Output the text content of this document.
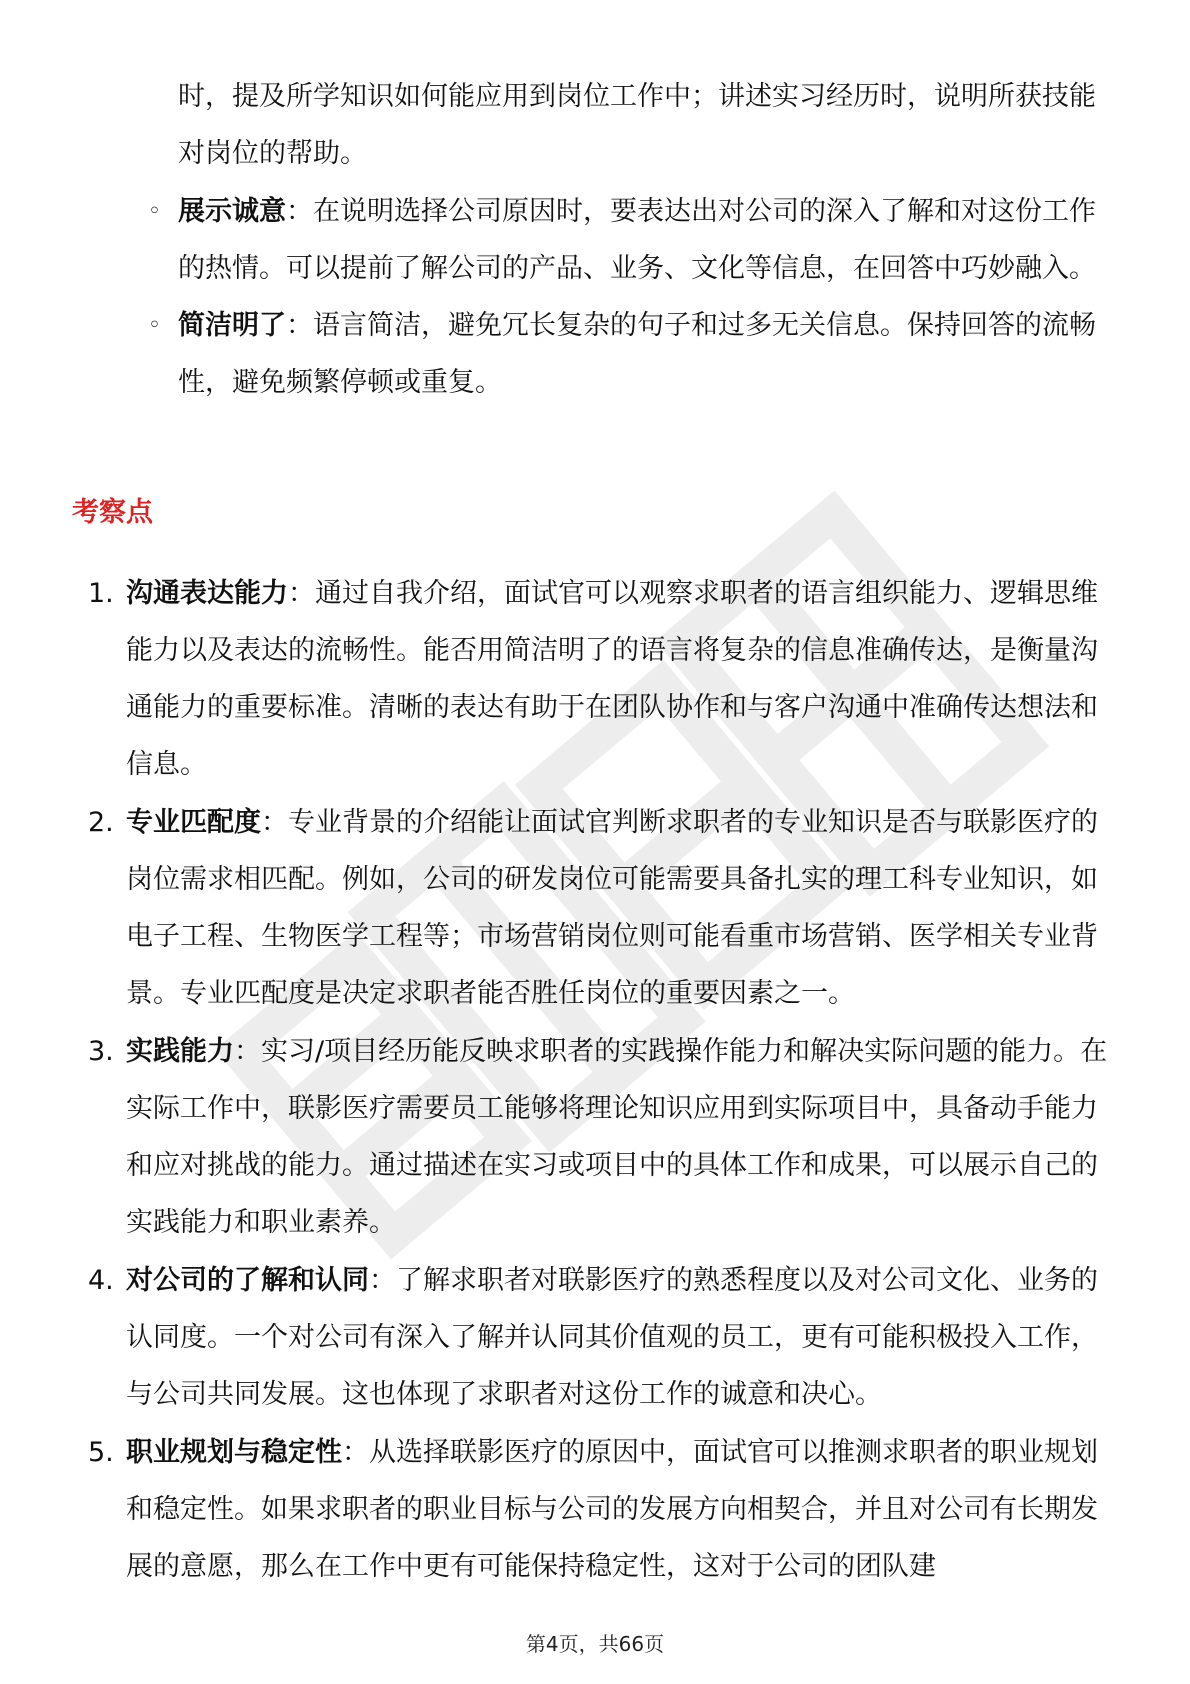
时，提及所学知识如何能应用到岗位工作中；讲述实习经历时，说明所获技能对岗位的帮助。

◦ 展示诚意：在说明选择公司原因时，要表达出对公司的深入了解和对这份工作的热情。可以提前了解公司的产品、业务、文化等信息，在回答中巧妙融入。
◦ 简洁明了：语言简洁，避免冗长复杂的句子和过多无关信息。保持回答的流畅性，避免频繁停顿或重复。
考察点
1. 沟通表达能力：通过自我介绍，面试官可以观察求职者的语言组织能力、逻辑思维能力以及表达的流畅性。能否用简洁明了的语言将复杂的信息准确传达，是衡量沟通能力的重要标准。清晰的表达有助于在团队协作和与客户沟通中准确传达想法和信息。
2. 专业匹配度：专业背景的介绍能让面试官判断求职者的专业知识是否与联影医疗的岗位需求相匹配。例如，公司的研发岗位可能需要具备扎实的理工科专业知识，如电子工程、生物医学工程等；市场营销岗位则可能看重市场营销、医学相关专业背景。专业匹配度是决定求职者能否胜任岗位的重要因素之一。
3. 实践能力：实习/项目经历能反映求职者的实践操作能力和解决实际问题的能力。在实际工作中，联影医疗需要员工能够将理论知识应用到实际项目中，具备动手能力和应对挑战的能力。通过描述在实习或项目中的具体工作和成果，可以展示自己的实践能力和职业素养。
4. 对公司的了解和认同：了解求职者对联影医疗的熟悉程度以及对公司文化、业务的认同度。一个对公司有深入了解并认同其价值观的员工，更有可能积极投入工作，与公司共同发展。这也体现了求职者对这份工作的诚意和决心。
5. 职业规划与稳定性：从选择联影医疗的原因中，面试官可以推测求职者的职业规划和稳定性。如果求职者的职业目标与公司的发展方向相契合，并且对公司有长期发展的意愿，那么在工作中更有可能保持稳定性，这对于公司的团队建
第4页，共66页
